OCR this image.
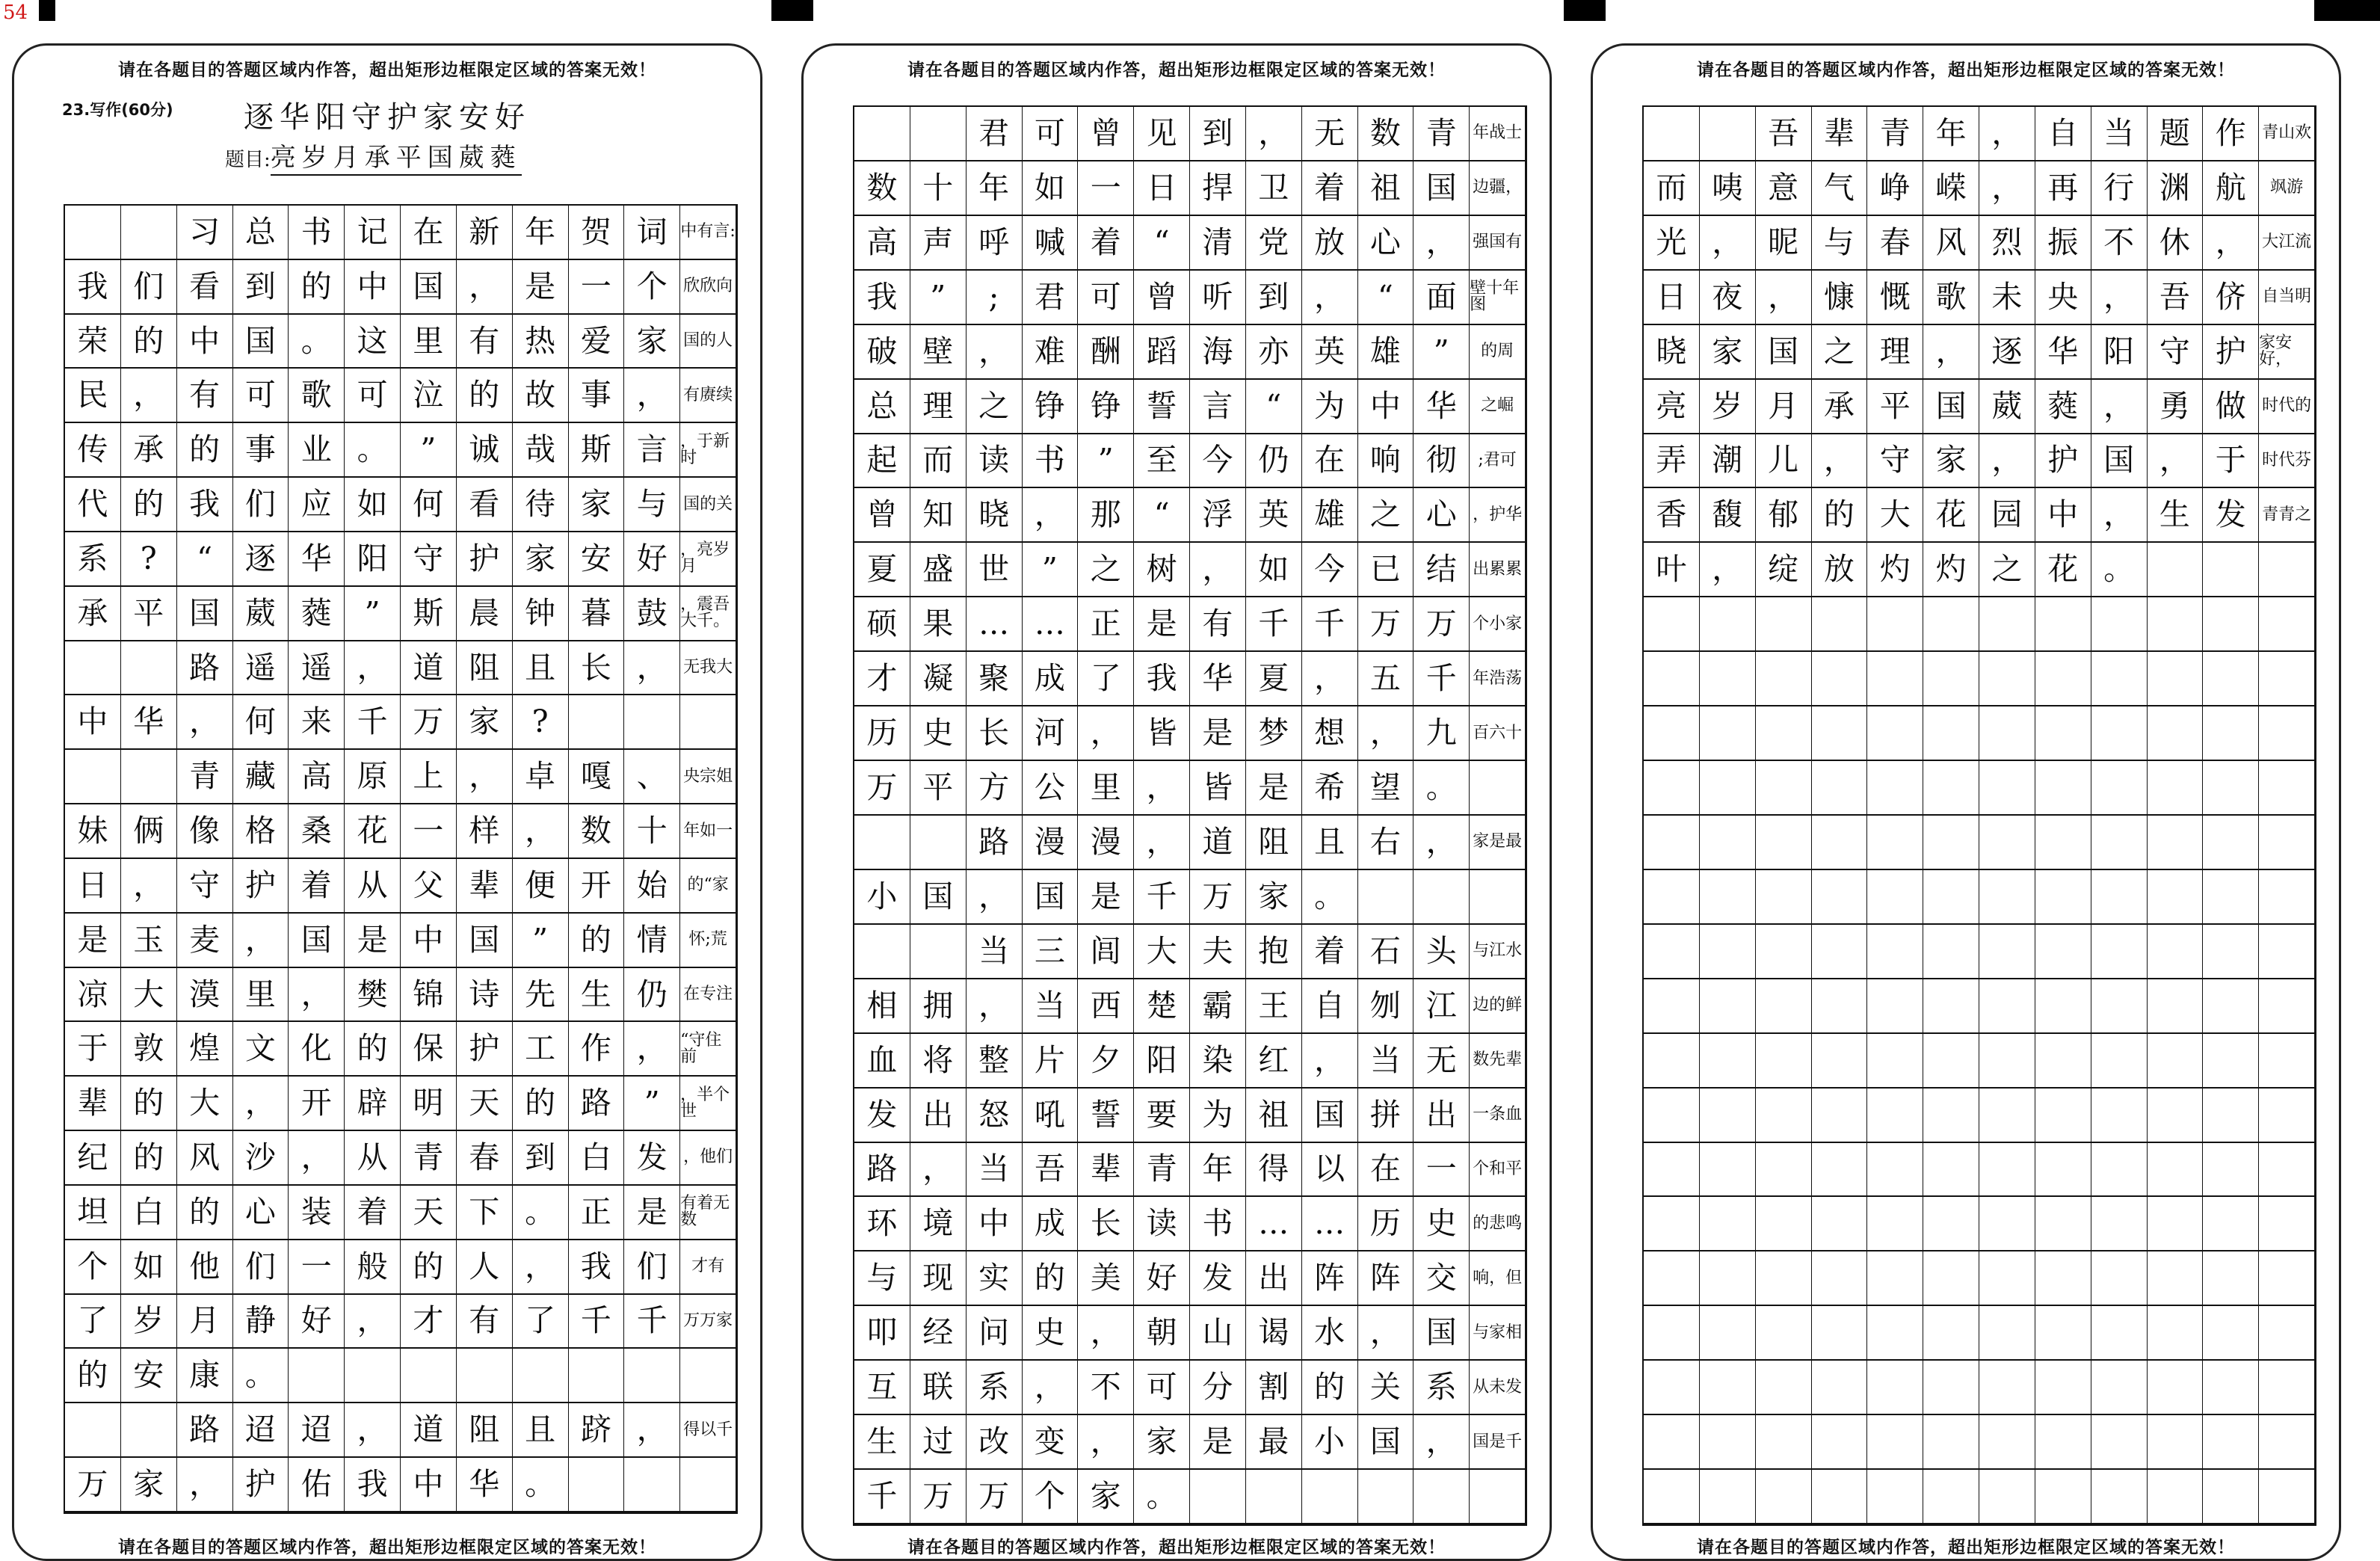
54
请在各题目的答题区域内作答，超出矩形边框限定区域的答案无效！
23.写作(60分)	逐华阳守护家安好
题目:亮岁月承平国葳蕤
习 总 书 记 在 新 年 贺 词 中有言:
我 们 看 到 的 中 国 ， 是 一 个 欣欣向
荣 的 中 国 。 这 里 有 热 爱 家 国的人
民 ， 有 可 歌 可 泣 的 故 事 ， 有赓续
传 承 的 事 业 。	”	诚 哉 斯 言 ，于新时
代 的 我 们 应 如 何 看 待 家 与 国的关
系	?	“	逐 华 阳 守 护 家 安 好 ，亮岁月
承 平 国 葳 蕤	”	斯 晨 钟 暮 鼓 ，震吾大千。
路 遥 遥 ， 道 阻 且 长 ， 无我大
中 华 ， 何 来 千 万 家	?
青 藏 高 原 上 ， 卓 嘎 、 央宗姐
妹 俩 像 格 桑 花 一 样 ， 数 十 年如一
日 ， 守 护 着 从 父 辈 便 开 始	的“家
是 玉 麦 ， 国 是 中 国	”	的 情	怀;荒
凉 大 漠 里 ， 樊 锦 诗 先 生 仍 在专注
于 敦 煌 文 化 的 保 护 工 作 ， “守住前
辈 的 大 ， 开 辟 明 天 的 路	”	，半个世
纪 的 风 沙 ， 从 青 春 到 白 发 ，他们
坦 白 的 心 装 着 天 下 。 正 是 有着无数
个 如 他 们 一 般 的 人 ， 我 们	才有
了 岁 月 静 好 ， 才 有 了 千 千 万万家
的 安 康 。
路 迢 迢 ， 道 阻 且 跻 ， 得以千
万 家 ， 护 佑 我 中 华 。
请在各题目的答题区域内作答，超出矩形边框限定区域的答案无效！
请在各题目的答题区域内作答，超出矩形边框限定区域的答案无效！
君 可 曾 见 到 ， 无 数 青 年战士
数 十 年 如 一 日 捍 卫 着 祖 国 边疆，
高 声 呼 喊 着	“	清 党 放 心 ， 强国有
我	”	;	君 可 曾 听 到 ，	“	面 壁十年图
破 壁 ， 难 酬 蹈 海 亦 英 雄	”	的周
总 理 之 铮 铮 誓 言	“	为 中 华	之崛
起 而 读 书	”	至 今 仍 在 响 彻	;君可
曾 知 晓 ， 那	“	浮 英 雄 之 心 ，护华
夏 盛 世	”	之 树 ， 如 今 已 结 出累累
硕 果 … … 正 是 有 千 千 万 万 个小家
才 凝 聚 成 了 我 华 夏 ， 五 千 年浩荡
历 史 长 河 ， 皆 是 梦 想 ， 九 百六十
万 平 方 公 里 ， 皆 是 希 望 。
路 漫 漫 ， 道 阻 且 右 ， 家是最
小 国 ， 国 是 千 万 家 。
当 三 闾 大 夫 抱 着 石 头 与江水
相 拥 ， 当 西 楚 霸 王 自 刎 江 边的鲜
血 将 整 片 夕 阳 染 红 ， 当 无 数先辈
发 出 怒 吼 誓 要 为 祖 国 拼 出 一条血
路 ， 当 吾 辈 青 年 得 以 在 一 个和平
环 境 中 成 长 读 书 … … 历 史 的悲鸣
与 现 实 的 美 好 发 出 阵 阵 交 响，但
叩 经 问 史 ， 朝 山 谒 水 ， 国 与家相
互 联 系 ， 不 可 分 割 的 关 系 从未发
生 过 改 变 ， 家 是 最 小 国 ， 国是千
千 万 万 个 家 。
请在各题目的答题区域内作答，超出矩形边框限定区域的答案无效！
请在各题目的答题区域内作答，超出矩形边框限定区域的答案无效！
吾 辈 青 年 ， 自 当 题 作 青山欢
而 咦 意 气 峥 嵘 ， 再 行 渊 航	飒游
光 ， 昵 与 春 风 烈 振 不 休 ， 大江流
日 夜 ， 慷 慨 歌 未 央 ， 吾 侪 自当明
晓 家 国 之 理 ， 逐 华 阳 守 护 家安好，
亮 岁 月 承 平 国 葳 蕤 ， 勇 做 时代的
弄 潮 儿 ， 守 家 ， 护 国 ， 于 时代芬
香 馥 郁 的 大 花 园 中 ， 生 发 青青之
叶 ， 绽 放 灼 灼 之 花 。
请在各题目的答题区域内作答，超出矩形边框限定区域的答案无效！
